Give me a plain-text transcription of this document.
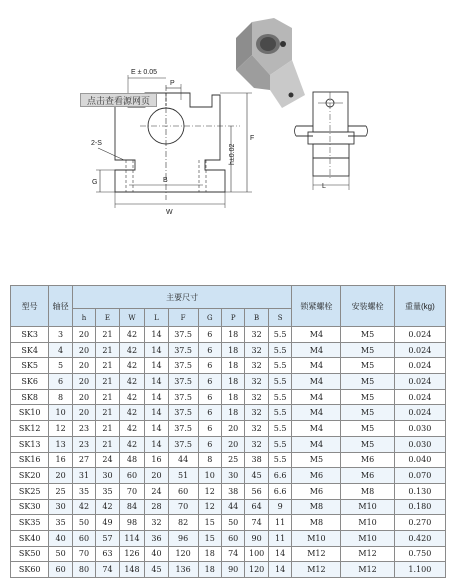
E ± 0.05
P
2-S
G	B
W
h±0.02
F
L
点击查看源网页
型号	轴径	主要尺寸									锁紧螺栓	安装螺栓	重量(kg)
		h	E	W	L	F	G	P	B	S			
SK3	3	20	21	42	14	37.5	6	18	32	5.5	M4	M5	0.024
SK4	4	20	21	42	14	37.5	6	18	32	5.5	M4	M5	0.024
SK5	5	20	21	42	14	37.5	6	18	32	5.5	M4	M5	0.024
SK6	6	20	21	42	14	37.5	6	18	32	5.5	M4	M5	0.024
SK8	8	20	21	42	14	37.5	6	18	32	5.5	M4	M5	0.024
SK10	10	20	21	42	14	37.5	6	18	32	5.5	M4	M5	0.024
SK12	12	23	21	42	14	37.5	6	20	32	5.5	M4	M5	0.030
SK13	13	23	21	42	14	37.5	6	20	32	5.5	M4	M5	0.030
SK16	16	27	24	48	16	44	8	25	38	5.5	M5	M6	0.040
SK20	20	31	30	60	20	51	10	30	45	6.6	M6	M6	0.070
SK25	25	35	35	70	24	60	12	38	56	6.6	M6	M8	0.130
SK30	30	42	42	84	28	70	12	44	64	9	M8	M10	0.180
SK35	35	50	49	98	32	82	15	50	74	11	M8	M10	0.270
SK40	40	60	57	114	36	96	15	60	90	11	M10	M10	0.420
SK50	50	70	63	126	40	120	18	74	100	14	M12	M12	0.750
SK60	60	80	74	148	45	136	18	90	120	14	M12	M12	1.100
